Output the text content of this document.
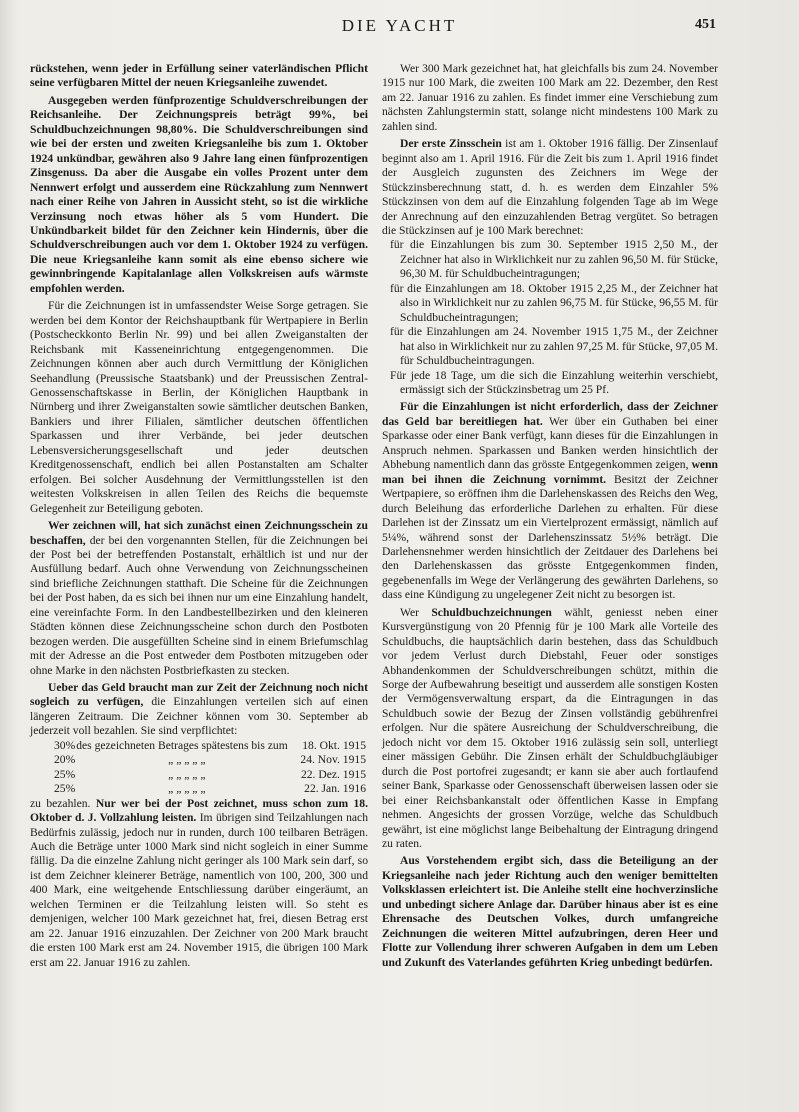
DIE YACHT	451

rückstehen, wenn jeder in Erfüllung seiner vaterländischen Pflicht seine verfügbaren Mittel der neuen Kriegsanleihe zuwendet.

Ausgegeben werden fünfprozentige Schuldverschreibungen der Reichsanleihe. Der Zeichnungspreis beträgt 99%, bei Schuldbuchzeichnungen 98,80%. Die Schuldverschreibungen sind wie bei der ersten und zweiten Kriegsanleihe bis zum 1. Oktober 1924 unkündbar, gewähren also 9 Jahre lang einen fünfprozentigen Zinsgenuss. Da aber die Ausgabe ein volles Prozent unter dem Nennwert erfolgt und ausserdem eine Rückzahlung zum Nennwert nach einer Reihe von Jahren in Aussicht steht, so ist die wirkliche Verzinsung noch etwas höher als 5 vom Hundert. Die Unkündbarkeit bildet für den Zeichner kein Hindernis, über die Schuldverschreibungen auch vor dem 1. Oktober 1924 zu verfügen. Die neue Kriegsanleihe kann somit als eine ebenso sichere wie gewinnbringende Kapitalanlage allen Volkskreisen aufs wärmste empfohlen werden.

Für die Zeichnungen ist in umfassendster Weise Sorge getragen. Sie werden bei dem Kontor der Reichshauptbank für Wertpapiere in Berlin (Postscheckkonto Berlin Nr. 99) und bei allen Zweiganstalten der Reichsbank mit Kasseneinrichtung entgegengenommen. Die Zeichnungen können aber auch durch Vermittlung der Königlichen Seehandlung (Preussische Staatsbank) und der Preussischen Zentral-Genossenschaftskasse in Berlin, der Königlichen Hauptbank in Nürnberg und ihrer Zweiganstalten sowie sämtlicher deutschen Banken, Bankiers und ihrer Filialen, sämtlicher deutschen öffentlichen Sparkassen und ihrer Verbände, bei jeder deutschen Lebensversicherungsgesellschaft und jeder deutschen Kreditgenossenschaft, endlich bei allen Postanstalten am Schalter erfolgen. Bei solcher Ausdehnung der Vermittlungsstellen ist den weitesten Volkskreisen in allen Teilen des Reichs die bequemste Gelegenheit zur Beteiligung geboten.

Wer zeichnen will, hat sich zunächst einen Zeichnungsschein zu beschaffen, der bei den vorgenannten Stellen, für die Zeichnungen bei der Post bei der betreffenden Postanstalt, erhältlich ist und nur der Ausfüllung bedarf. Auch ohne Verwendung von Zeichnungsscheinen sind briefliche Zeichnungen statthaft. Die Scheine für die Zeichnungen bei der Post haben, da es sich bei ihnen nur um eine Einzahlung handelt, eine vereinfachte Form. In den Landbestellbezirken und den kleineren Städten können diese Zeichnungsscheine schon durch den Postboten bezogen werden. Die ausgefüllten Scheine sind in einem Briefumschlag mit der Adresse an die Post entweder dem Postboten mitzugeben oder ohne Marke in den nächsten Postbriefkasten zu stecken.

Ueber das Geld braucht man zur Zeit der Zeichnung noch nicht sogleich zu verfügen, die Einzahlungen verteilen sich auf einen längeren Zeitraum. Die Zeichner können vom 30. September ab jederzeit voll bezahlen. Sie sind verpflichtet:

30%	des gezeichneten Betrages spätestens bis zum	18. Okt. 1915
20%	„ „ „ „ „	24. Nov. 1915
25%	„ „ „ „ „	22. Dez. 1915
25%	„ „ „ „ „	22. Jan. 1916

zu bezahlen. Nur wer bei der Post zeichnet, muss schon zum 18. Oktober d. J. Vollzahlung leisten. Im übrigen sind Teilzahlungen nach Bedürfnis zulässig, jedoch nur in runden, durch 100 teilbaren Beträgen. Auch die Beträge unter 1000 Mark sind nicht sogleich in einer Summe fällig. Da die einzelne Zahlung nicht geringer als 100 Mark sein darf, so ist dem Zeichner kleinerer Beträge, namentlich von 100, 200, 300 und 400 Mark, eine weitgehende Entschliessung darüber eingeräumt, an welchen Terminen er die Teilzahlung leisten will. So steht es demjenigen, welcher 100 Mark gezeichnet hat, frei, diesen Betrag erst am 22. Januar 1916 einzuzahlen. Der Zeichner von 200 Mark braucht die ersten 100 Mark erst am 24. November 1915, die übrigen 100 Mark erst am 22. Januar 1916 zu zahlen.

Wer 300 Mark gezeichnet hat, hat gleichfalls bis zum 24. November 1915 nur 100 Mark, die zweiten 100 Mark am 22. Dezember, den Rest am 22. Januar 1916 zu zahlen. Es findet immer eine Verschiebung zum nächsten Zahlungstermin statt, solange nicht mindestens 100 Mark zu zahlen sind.

Der erste Zinsschein ist am 1. Oktober 1916 fällig. Der Zinsenlauf beginnt also am 1. April 1916. Für die Zeit bis zum 1. April 1916 findet der Ausgleich zugunsten des Zeichners im Wege der Stückzinsberechnung statt, d. h. es werden dem Einzahler 5% Stückzinsen von dem auf die Einzahlung folgenden Tage ab im Wege der Anrechnung auf den einzuzahlenden Betrag vergütet. So betragen die Stückzinsen auf je 100 Mark berechnet:

für die Einzahlungen bis zum 30. September 1915 2,50 M., der Zeichner hat also in Wirklichkeit nur zu zahlen 96,50 M. für Stücke, 96,30 M. für Schuldbucheintragungen;

für die Einzahlungen am 18. Oktober 1915 2,25 M., der Zeichner hat also in Wirklichkeit nur zu zahlen 96,75 M. für Stücke, 96,55 M. für Schuldbucheintragungen;

für die Einzahlungen am 24. November 1915 1,75 M., der Zeichner hat also in Wirklichkeit nur zu zahlen 97,25 M. für Stücke, 97,05 M. für Schuldbucheintragungen.

Für jede 18 Tage, um die sich die Einzahlung weiterhin verschiebt, ermässigt sich der Stückzinsbetrag um 25 Pf.

Für die Einzahlungen ist nicht erforderlich, dass der Zeichner das Geld bar bereitliegen hat. Wer über ein Guthaben bei einer Sparkasse oder einer Bank verfügt, kann dieses für die Einzahlungen in Anspruch nehmen. Sparkassen und Banken werden hinsichtlich der Abhebung namentlich dann das grösste Entgegenkommen zeigen, wenn man bei ihnen die Zeichnung vornimmt. Besitzt der Zeichner Wertpapiere, so eröffnen ihm die Darlehenskassen des Reichs den Weg, durch Beleihung das erforderliche Darlehen zu erhalten. Für diese Darlehen ist der Zinssatz um ein Viertelprozent ermässigt, nämlich auf 5¼%, während sonst der Darlehenszinssatz 5½% beträgt. Die Darlehensnehmer werden hinsichtlich der Zeitdauer des Darlehens bei den Darlehenskassen das grösste Entgegenkommen finden, gegebenenfalls im Wege der Verlängerung des gewährten Darlehens, so dass eine Kündigung zu ungelegener Zeit nicht zu besorgen ist.

Wer Schuldbuchzeichnungen wählt, geniesst neben einer Kursvergünstigung von 20 Pfennig für je 100 Mark alle Vorteile des Schuldbuchs, die hauptsächlich darin bestehen, dass das Schuldbuch vor jedem Verlust durch Diebstahl, Feuer oder sonstiges Abhandenkommen der Schuldverschreibungen schützt, mithin die Sorge der Aufbewahrung beseitigt und ausserdem alle sonstigen Kosten der Vermögensverwaltung erspart, da die Eintragungen in das Schuldbuch sowie der Bezug der Zinsen vollständig gebührenfrei erfolgen. Nur die spätere Ausreichung der Schuldverschreibung, die jedoch nicht vor dem 15. Oktober 1916 zulässig sein soll, unterliegt einer mässigen Gebühr. Die Zinsen erhält der Schuldbuchgläubiger durch die Post portofrei zugesandt; er kann sie aber auch fortlaufend seiner Bank, Sparkasse oder Genossenschaft überweisen lassen oder sie bei einer Reichsbankanstalt oder öffentlichen Kasse in Empfang nehmen. Angesichts der grossen Vorzüge, welche das Schuldbuch gewährt, ist eine möglichst lange Beibehaltung der Eintragung dringend zu raten.

Aus Vorstehendem ergibt sich, dass die Beteiligung an der Kriegsanleihe nach jeder Richtung auch den weniger bemittelten Volksklassen erleichtert ist. Die Anleihe stellt eine hochverzinsliche und unbedingt sichere Anlage dar. Darüber hinaus aber ist es eine Ehrensache des Deutschen Volkes, durch umfangreiche Zeichnungen die weiteren Mittel aufzubringen, deren Heer und Flotte zur Vollendung ihrer schweren Aufgaben in dem um Leben und Zukunft des Vaterlandes geführten Krieg unbedingt bedürfen.
